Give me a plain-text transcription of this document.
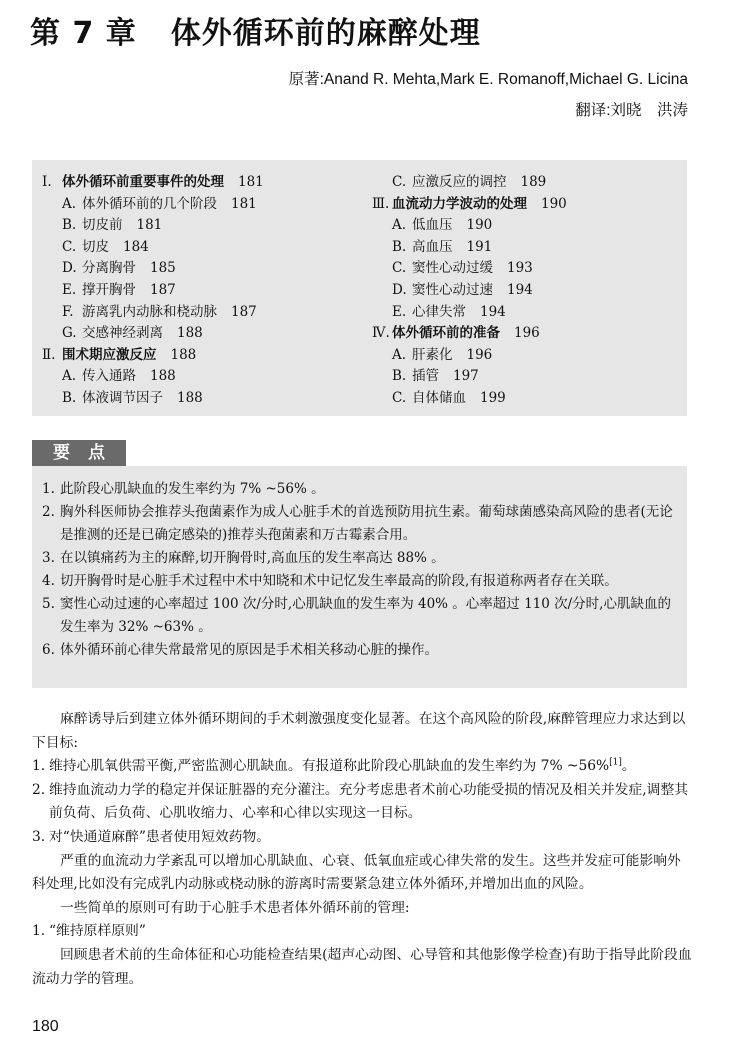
第 7 章 体外循环前的麻醉处理

原著:Anand R. Mehta,Mark E. Romanoff,Michael G. Licina

翻译:刘晓　洪涛

Ⅰ. 体外循环前重要事件的处理 181
A. 体外循环前的几个阶段 181
B. 切皮前 181
C. 切皮 184
D. 分离胸骨 185
E. 撑开胸骨 187
F. 游离乳内动脉和桡动脉 187
G. 交感神经剥离 188
Ⅱ. 围术期应激反应 188
A. 传入通路 188
B. 体液调节因子 188
C. 应激反应的调控 189
Ⅲ. 血流动力学波动的处理 190
A. 低血压 190
B. 高血压 191
C. 窦性心动过缓 193
D. 窦性心动过速 194
E. 心律失常 194
Ⅳ. 体外循环前的准备 196
A. 肝素化 196
B. 插管 197
C. 自体储血 199
要点
1. 此阶段心肌缺血的发生率约为 7% ~56% 。
2. 胸外科医师协会推荐头孢菌素作为成人心脏手术的首选预防用抗生素。葡萄球菌感染高风险的患者(无论是推测的还是已确定感染的)推荐头孢菌素和万古霉素合用。
3. 在以镇痛药为主的麻醉,切开胸骨时,高血压的发生率高达 88% 。
4. 切开胸骨时是心脏手术过程中术中知晓和术中记忆发生率最高的阶段,有报道称两者存在关联。
5. 窦性心动过速的心率超过 100 次/分时,心肌缺血的发生率为 40% 。心率超过 110 次/分时,心肌缺血的发生率为 32% ~63% 。
6. 体外循环前心律失常最常见的原因是手术相关移动心脏的操作。

麻醉诱导后到建立体外循环期间的手术刺激强度变化显著。在这个高风险的阶段,麻醉管理应力求达到以下目标:

1. 维持心肌氧供需平衡,严密监测心肌缺血。有报道称此阶段心肌缺血的发生率约为 7% ~56%[1]。
2. 维持血流动力学的稳定并保证脏器的充分灌注。充分考虑患者术前心功能受损的情况及相关并发症,调整其前负荷、后负荷、心肌收缩力、心率和心律以实现这一目标。
3. 对“快通道麻醉”患者使用短效药物。

严重的血流动力学紊乱可以增加心肌缺血、心衰、低氧血症或心律失常的发生。这些并发症可能影响外科处理,比如没有完成乳内动脉或桡动脉的游离时需要紧急建立体外循环,并增加出血的风险。

一些简单的原则可有助于心脏手术患者体外循环前的管理:

1. “维持原样原则”

回顾患者术前的生命体征和心功能检查结果(超声心动图、心导管和其他影像学检查)有助于指导此阶段血流动力学的管理。

180
